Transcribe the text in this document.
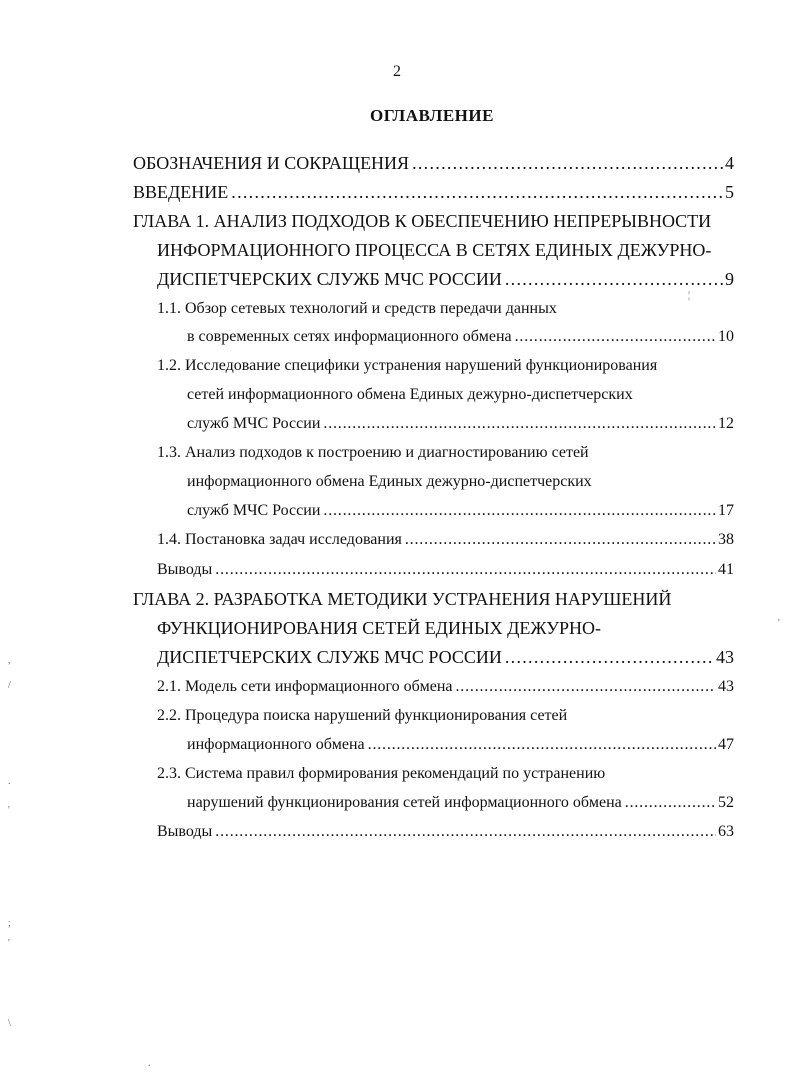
2
ОГЛАВЛЕНИЕ
ОБОЗНАЧЕНИЯ И СОКРАЩЕНИЯ . . .	4
ВВЕДЕНИЕ . . .	5
ГЛАВА 1. АНАЛИЗ ПОДХОДОВ К ОБЕСПЕЧЕНИЮ НЕПРЕРЫВНОСТИ
ИНФОРМАЦИОННОГО ПРОЦЕССА В СЕТЯХ ЕДИНЫХ ДЕЖУРНО-
ДИСПЕТЧЕРСКИХ СЛУЖБ МЧС РОССИИ . . .	9
1.1. Обзор сетевых технологий и средств передачи данных
в современных сетях информационного обмена . . .	10
1.2. Исследование специфики устранения нарушений функционирования
сетей информационного обмена Единых дежурно-диспетчерских
служб МЧС России . . .	12
1.3. Анализ подходов к построению и диагностированию сетей
информационного обмена Единых дежурно-диспетчерских
служб МЧС России . . .	17
1.4. Постановка задач исследования . . .	38
Выводы . . .	41
ГЛАВА 2. РАЗРАБОТКА МЕТОДИКИ УСТРАНЕНИЯ НАРУШЕНИЙ
ФУНКЦИОНИРОВАНИЯ СЕТЕЙ ЕДИНЫХ ДЕЖУРНО-
ДИСПЕТЧЕРСКИХ СЛУЖБ МЧС РОССИИ . . .	43
2.1. Модель сети информационного обмена . . .	43
2.2. Процедура поиска нарушений функционирования сетей
информационного обмена . . .	47
2.3. Система правил формирования рекомендаций по устранению
нарушений функционирования сетей информационного обмена . . .	52
Выводы . . .	63
¦
'
,
/
.
'
;
'
\
.
